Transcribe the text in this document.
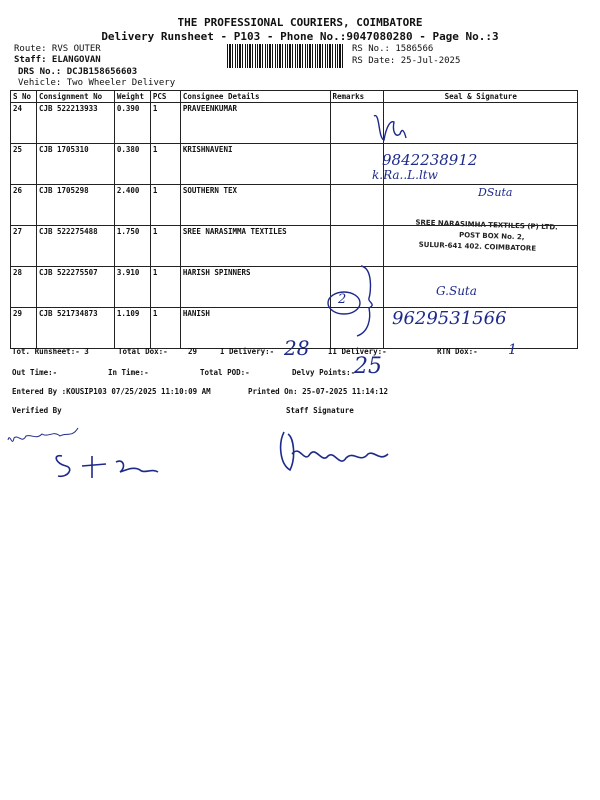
THE PROFESSIONAL COURIERS, COIMBATORE
Delivery Runsheet - P103 - Phone No.:9047080280 - Page No.:3
Route: RVS OUTER
Staff: ELANGOVAN
DRS No.: DCJB158656603
Vehicle: Two Wheeler Delivery
RS No.: 1586566
RS Date: 25-Jul-2025
S No	Consignment No	Weight	PCS	Consignee Details	Remarks	Seal & Signature
24	CJB 522213933	0.390	1	PRAVEENKUMAR		
25	CJB 1705310	0.380	1	KRISHNAVENI		
26	CJB 1705298	2.400	1	SOUTHERN TEX		
27	CJB 522275488	1.750	1	SREE NARASIMMA TEXTILES		
28	CJB 522275507	3.910	1	HARISH SPINNERS		
29	CJB 521734873	1.109	1	HANISH		
9842238912
k.Ra..L.ltw
DSuta
SREE NARASIMHA TEXTILES (P) LTD.
POST BOX No. 2,
SULUR-641 402. COIMBATORE
2
G.Suta
9629531566
Tot. Runsheet:- 3	Total Dox:-	29	I Delivery:- 28 II Delivery:-	RTN Dox:- 1
Out Time:-	In Time:-	Total POD:-	Delvy Points:-
25
Entered By :KOUSIP103 07/25/2025 11:10:09 AM	Printed On: 25-07-2025 11:14:12
Verified By	Staff Signature
